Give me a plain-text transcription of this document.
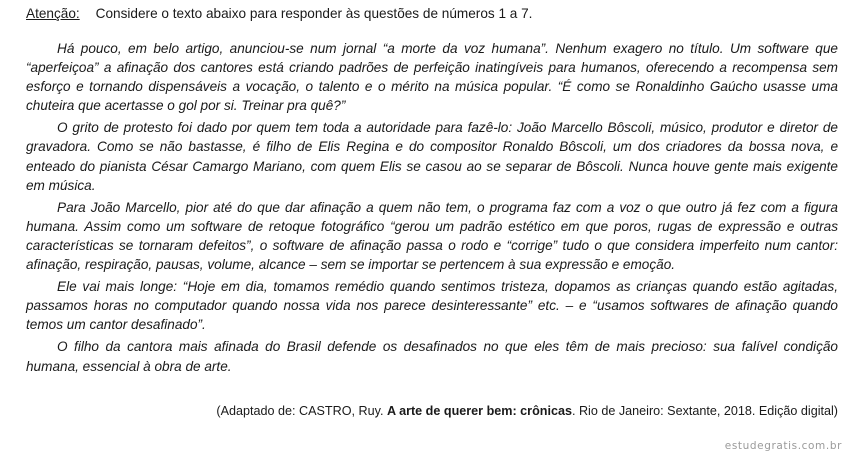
Atenção: Considere o texto abaixo para responder às questões de números 1 a 7.

Há pouco, em belo artigo, anunciou-se num jornal “a morte da voz humana”. Nenhum exagero no título. Um software que “aperfeiçoa” a afinação dos cantores está criando padrões de perfeição inatingíveis para humanos, oferecendo a recompensa sem esforço e tornando dispensáveis a vocação, o talento e o mérito na música popular. “É como se Ronaldinho Gaúcho usasse uma chuteira que acertasse o gol por si. Treinar pra quê?”

O grito de protesto foi dado por quem tem toda a autoridade para fazê-lo: João Marcello Bôscoli, músico, produtor e diretor de gravadora. Como se não bastasse, é filho de Elis Regina e do compositor Ronaldo Bôscoli, um dos criadores da bossa nova, e enteado do pianista César Camargo Mariano, com quem Elis se casou ao se separar de Bôscoli. Nunca houve gente mais exigente em música.

Para João Marcello, pior até do que dar afinação a quem não tem, o programa faz com a voz o que outro já fez com a figura humana. Assim como um software de retoque fotográfico “gerou um padrão estético em que poros, rugas de expressão e outras características se tornaram defeitos”, o software de afinação passa o rodo e “corrige” tudo o que considera imperfeito num cantor: afinação, respiração, pausas, volume, alcance – sem se importar se pertencem à sua expressão e emoção.

Ele vai mais longe: “Hoje em dia, tomamos remédio quando sentimos tristeza, dopamos as crianças quando estão agitadas, passamos horas no computador quando nossa vida nos parece desinteressante” etc. – e “usamos softwares de afinação quando temos um cantor desafinado”.

O filho da cantora mais afinada do Brasil defende os desafinados no que eles têm de mais precioso: sua falível condição humana, essencial à obra de arte.

(Adaptado de: CASTRO, Ruy. A arte de querer bem: crônicas. Rio de Janeiro: Sextante, 2018. Edição digital)
estudegratis.com.br
